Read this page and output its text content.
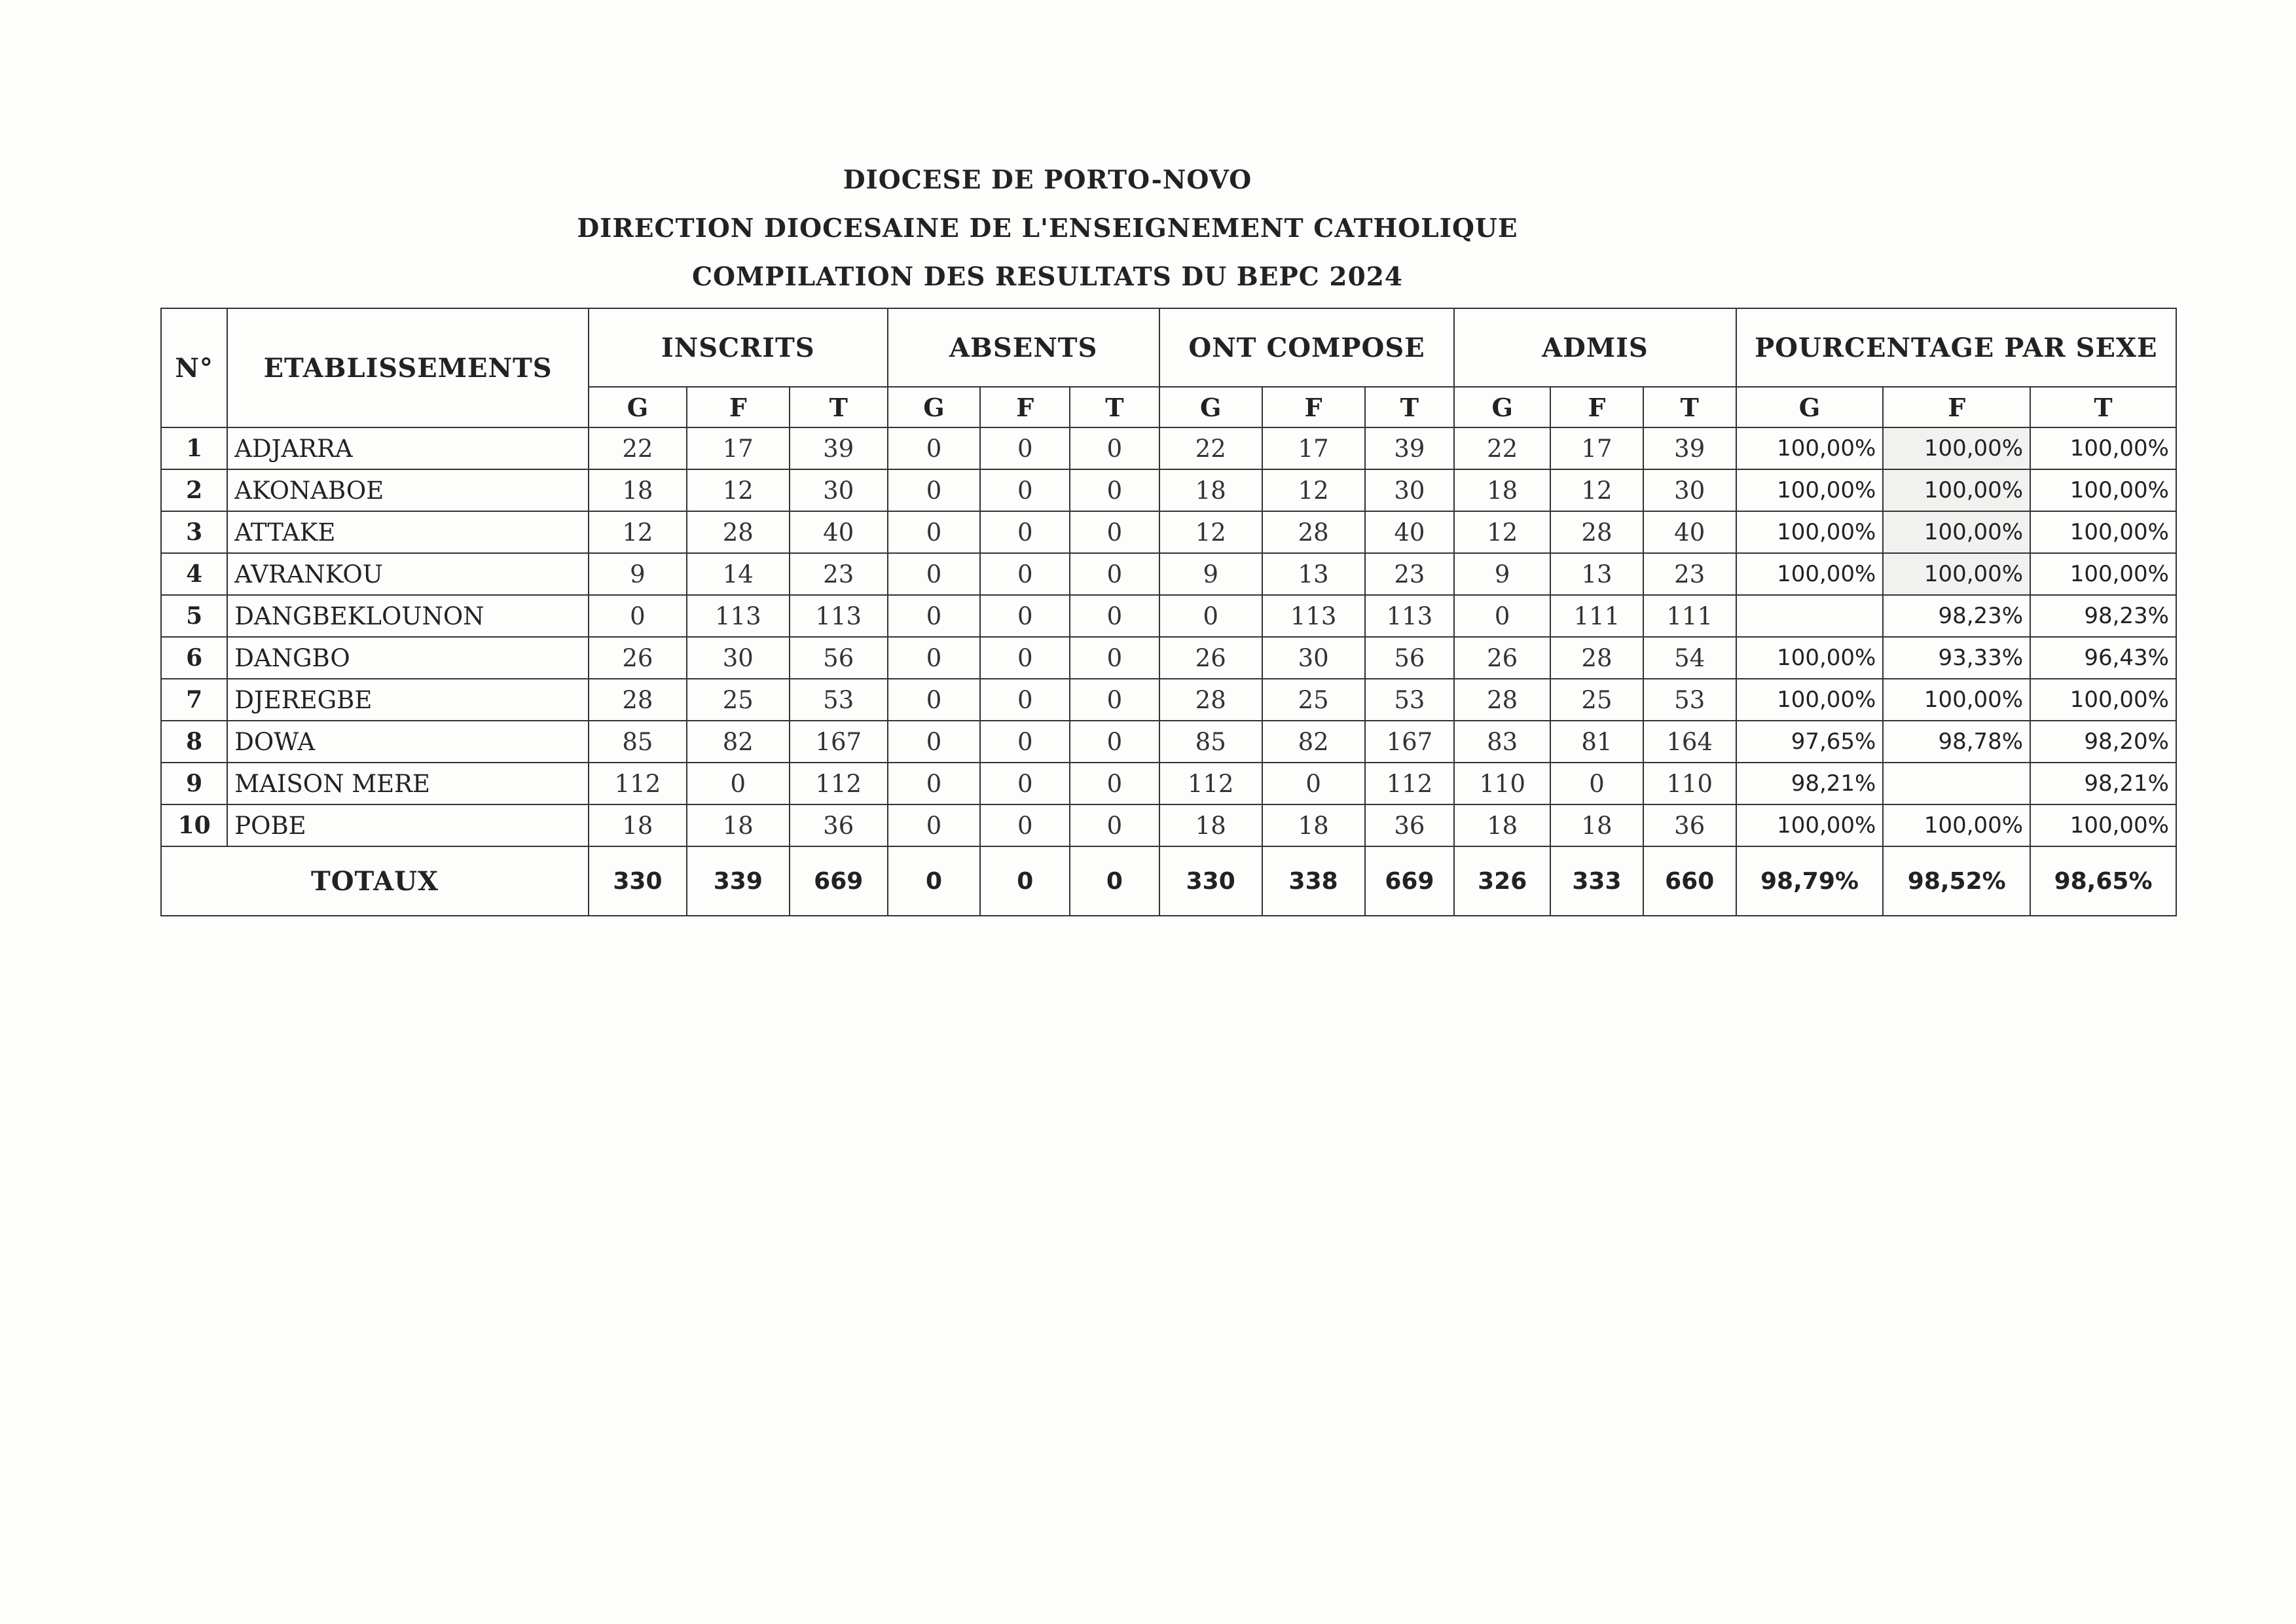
DIOCESE DE PORTO-NOVO
DIRECTION DIOCESAINE DE L'ENSEIGNEMENT CATHOLIQUE
COMPILATION DES RESULTATS DU BEPC 2024
N°	ETABLISSEMENTS	INSCRITS			ABSENTS			ONT COMPOSE			ADMIS			POURCENTAGE PAR SEXE		
		G	F	T	G	F	T	G	F	T	G	F	T	G	F	T
1	ADJARRA	22	17	39	0	0	0	22	17	39	22	17	39	100,00%	100,00%	100,00%
2	AKONABOE	18	12	30	0	0	0	18	12	30	18	12	30	100,00%	100,00%	100,00%
3	ATTAKE	12	28	40	0	0	0	12	28	40	12	28	40	100,00%	100,00%	100,00%
4	AVRANKOU	9	14	23	0	0	0	9	13	23	9	13	23	100,00%	100,00%	100,00%
5	DANGBEKLOUNON	0	113	113	0	0	0	0	113	113	0	111	111		98,23%	98,23%
6	DANGBO	26	30	56	0	0	0	26	30	56	26	28	54	100,00%	93,33%	96,43%
7	DJEREGBE	28	25	53	0	0	0	28	25	53	28	25	53	100,00%	100,00%	100,00%
8	DOWA	85	82	167	0	0	0	85	82	167	83	81	164	97,65%	98,78%	98,20%
9	MAISON MERE	112	0	112	0	0	0	112	0	112	110	0	110	98,21%		98,21%
10	POBE	18	18	36	0	0	0	18	18	36	18	18	36	100,00%	100,00%	100,00%
TOTAUX		330	339	669	0	0	0	330	338	669	326	333	660	98,79%	98,52%	98,65%
